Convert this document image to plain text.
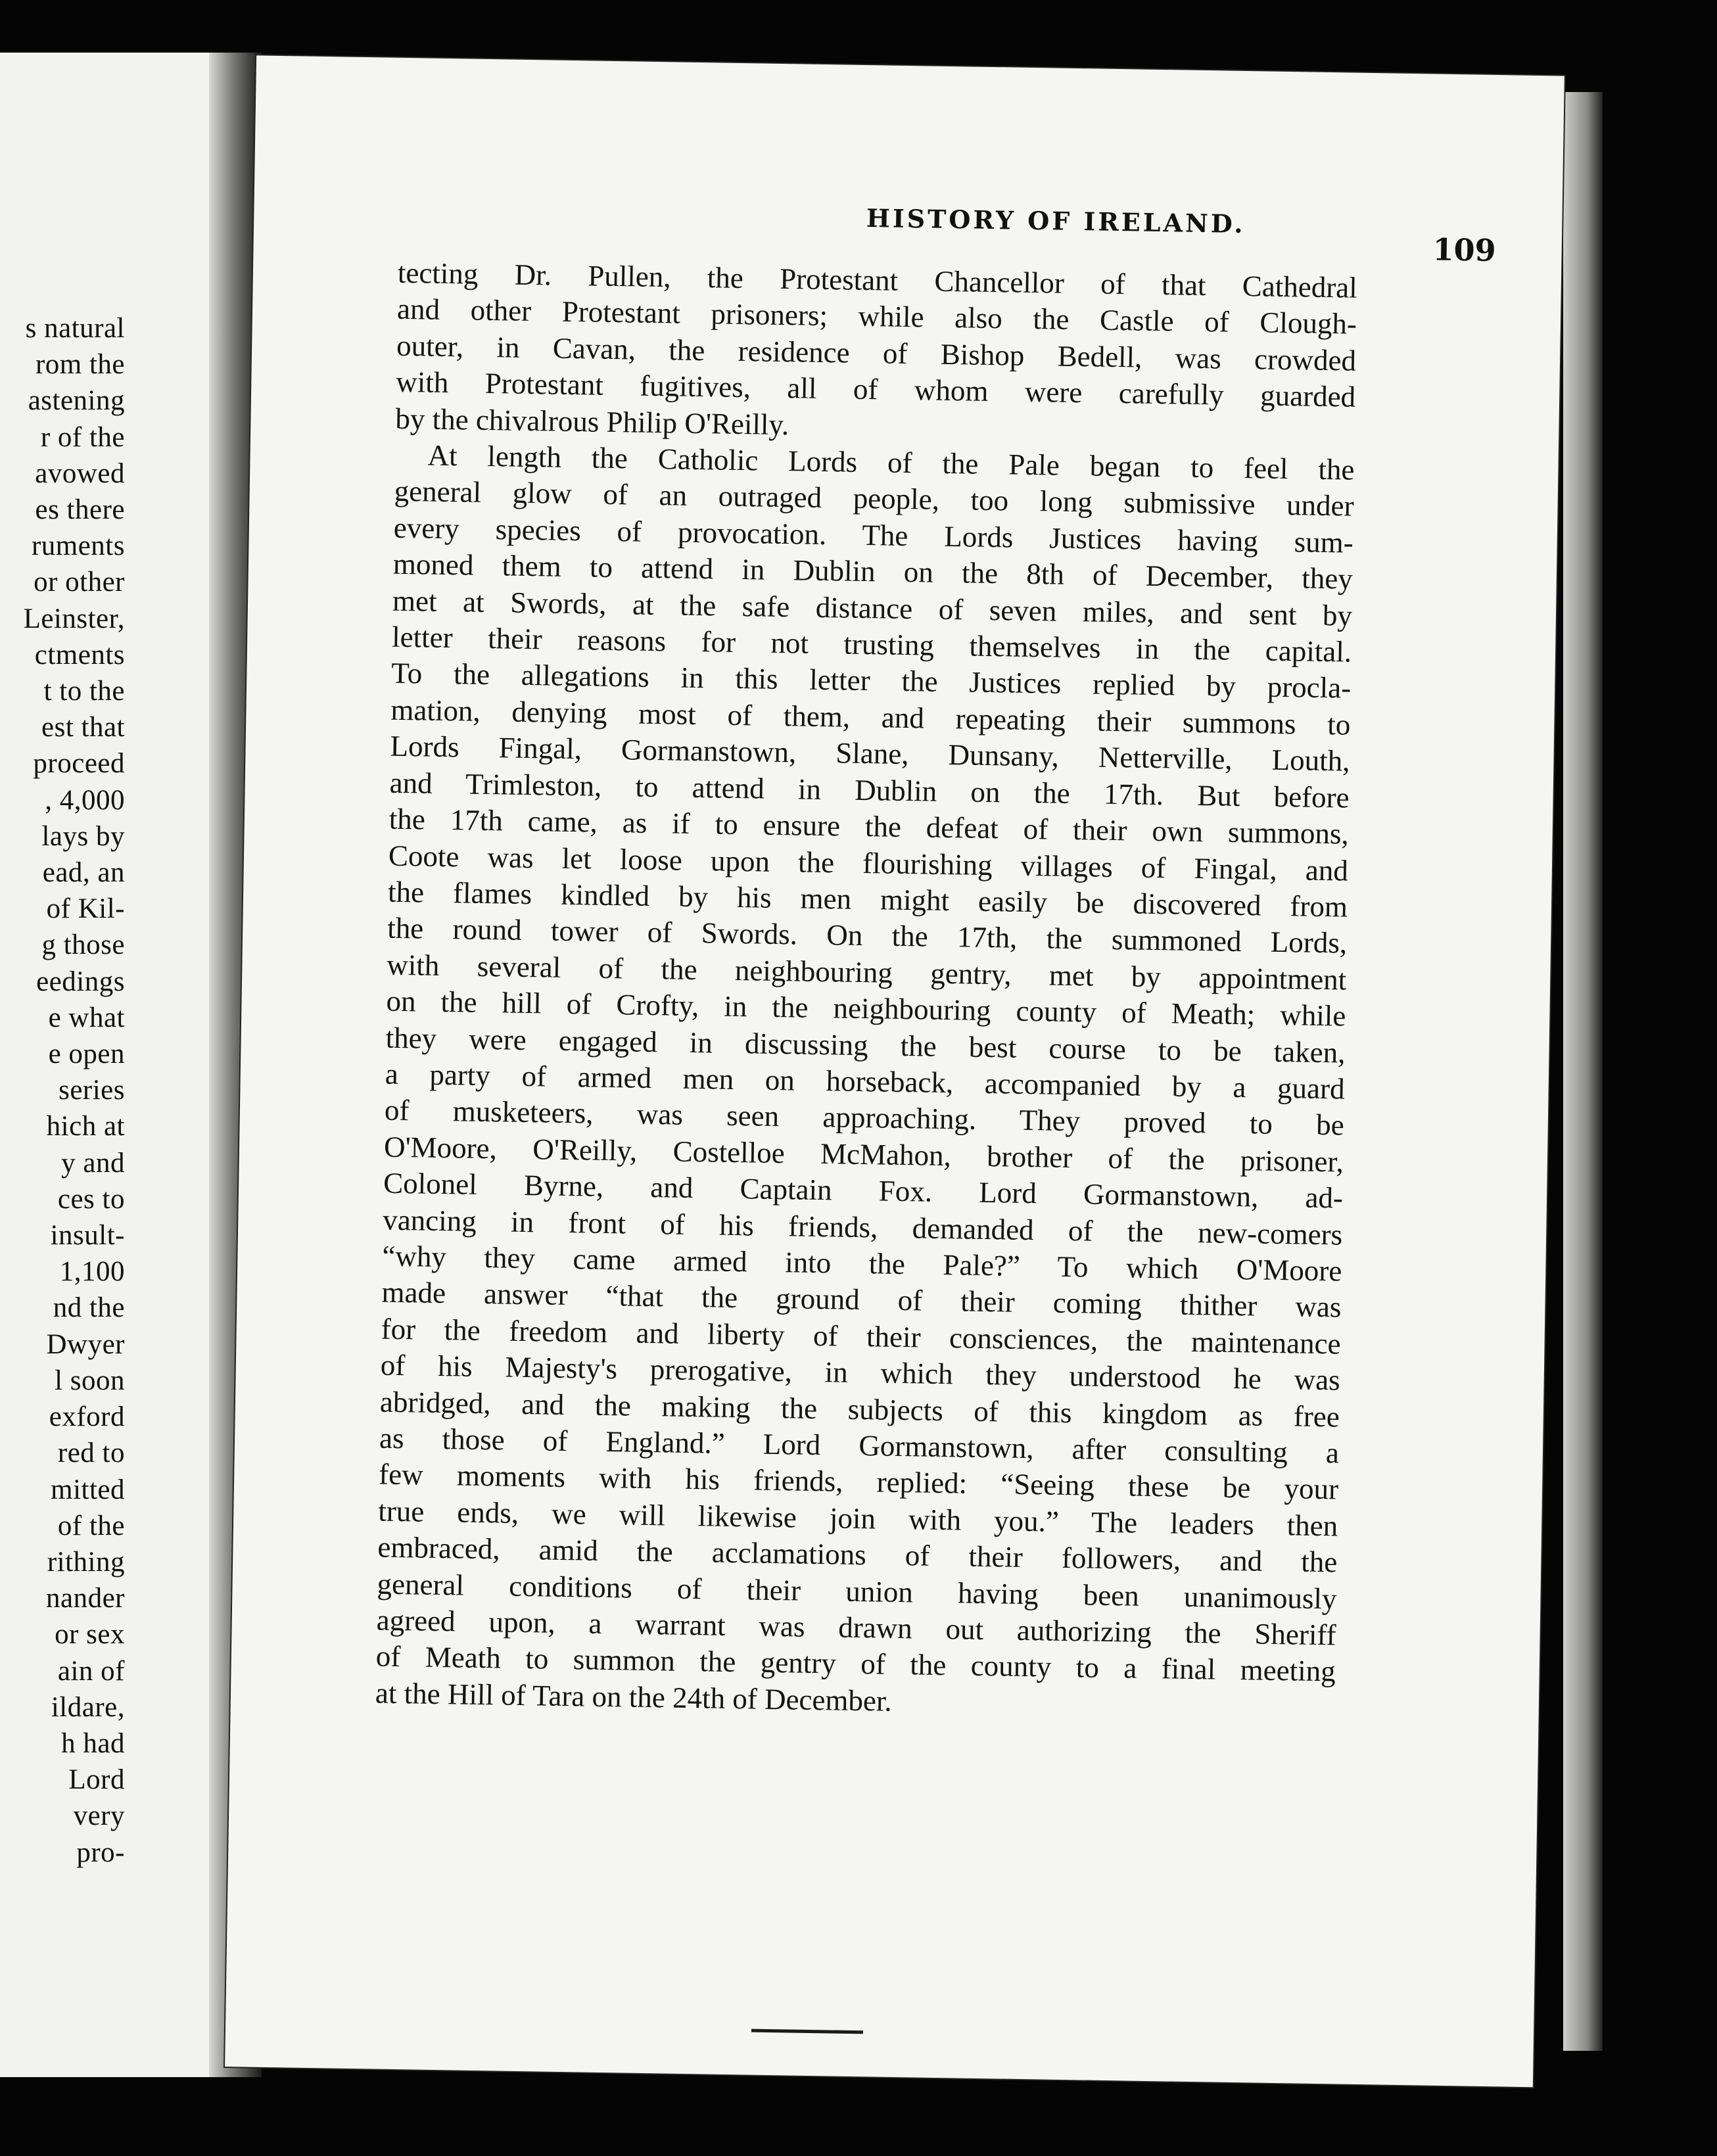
s natural
rom the
astening
r of the
avowed
es there
ruments
or other
Leinster,
ctments
t to the
est that
proceed
, 4,000
lays by
ead, an
of Kil-
g those
eedings
e what
e open
series
hich at
y and
ces to
insult-
1,100
nd the
Dwyer
l soon
exford
red to
mitted
of the
rithing
nander
or sex
ain of
ildare,
h had
Lord
very
pro-
HISTORY OF IRELAND.
109
tecting Dr. Pullen, the Protestant Chancellor of that Cathedral
and other Protestant prisoners; while also the Castle of Clough-
outer, in Cavan, the residence of Bishop Bedell, was crowded
with Protestant fugitives, all of whom were carefully guarded
by the chivalrous Philip O'Reilly.
At length the Catholic Lords of the Pale began to feel the
general glow of an outraged people, too long submissive under
every species of provocation. The Lords Justices having sum-
moned them to attend in Dublin on the 8th of December, they
met at Swords, at the safe distance of seven miles, and sent by
letter their reasons for not trusting themselves in the capital.
To the allegations in this letter the Justices replied by procla-
mation, denying most of them, and repeating their summons to
Lords Fingal, Gormanstown, Slane, Dunsany, Netterville, Louth,
and Trimleston, to attend in Dublin on the 17th. But before
the 17th came, as if to ensure the defeat of their own summons,
Coote was let loose upon the flourishing villages of Fingal, and
the flames kindled by his men might easily be discovered from
the round tower of Swords. On the 17th, the summoned Lords,
with several of the neighbouring gentry, met by appointment
on the hill of Crofty, in the neighbouring county of Meath; while
they were engaged in discussing the best course to be taken,
a party of armed men on horseback, accompanied by a guard
of musketeers, was seen approaching. They proved to be
O'Moore, O'Reilly, Costelloe McMahon, brother of the prisoner,
Colonel Byrne, and Captain Fox. Lord Gormanstown, ad-
vancing in front of his friends, demanded of the new-comers
“why they came armed into the Pale?” To which O'Moore
made answer “that the ground of their coming thither was
for the freedom and liberty of their consciences, the maintenance
of his Majesty's prerogative, in which they understood he was
abridged, and the making the subjects of this kingdom as free
as those of England.” Lord Gormanstown, after consulting a
few moments with his friends, replied: “Seeing these be your
true ends, we will likewise join with you.” The leaders then
embraced, amid the acclamations of their followers, and the
general conditions of their union having been unanimously
agreed upon, a warrant was drawn out authorizing the Sheriff
of Meath to summon the gentry of the county to a final meeting
at the Hill of Tara on the 24th of December.
